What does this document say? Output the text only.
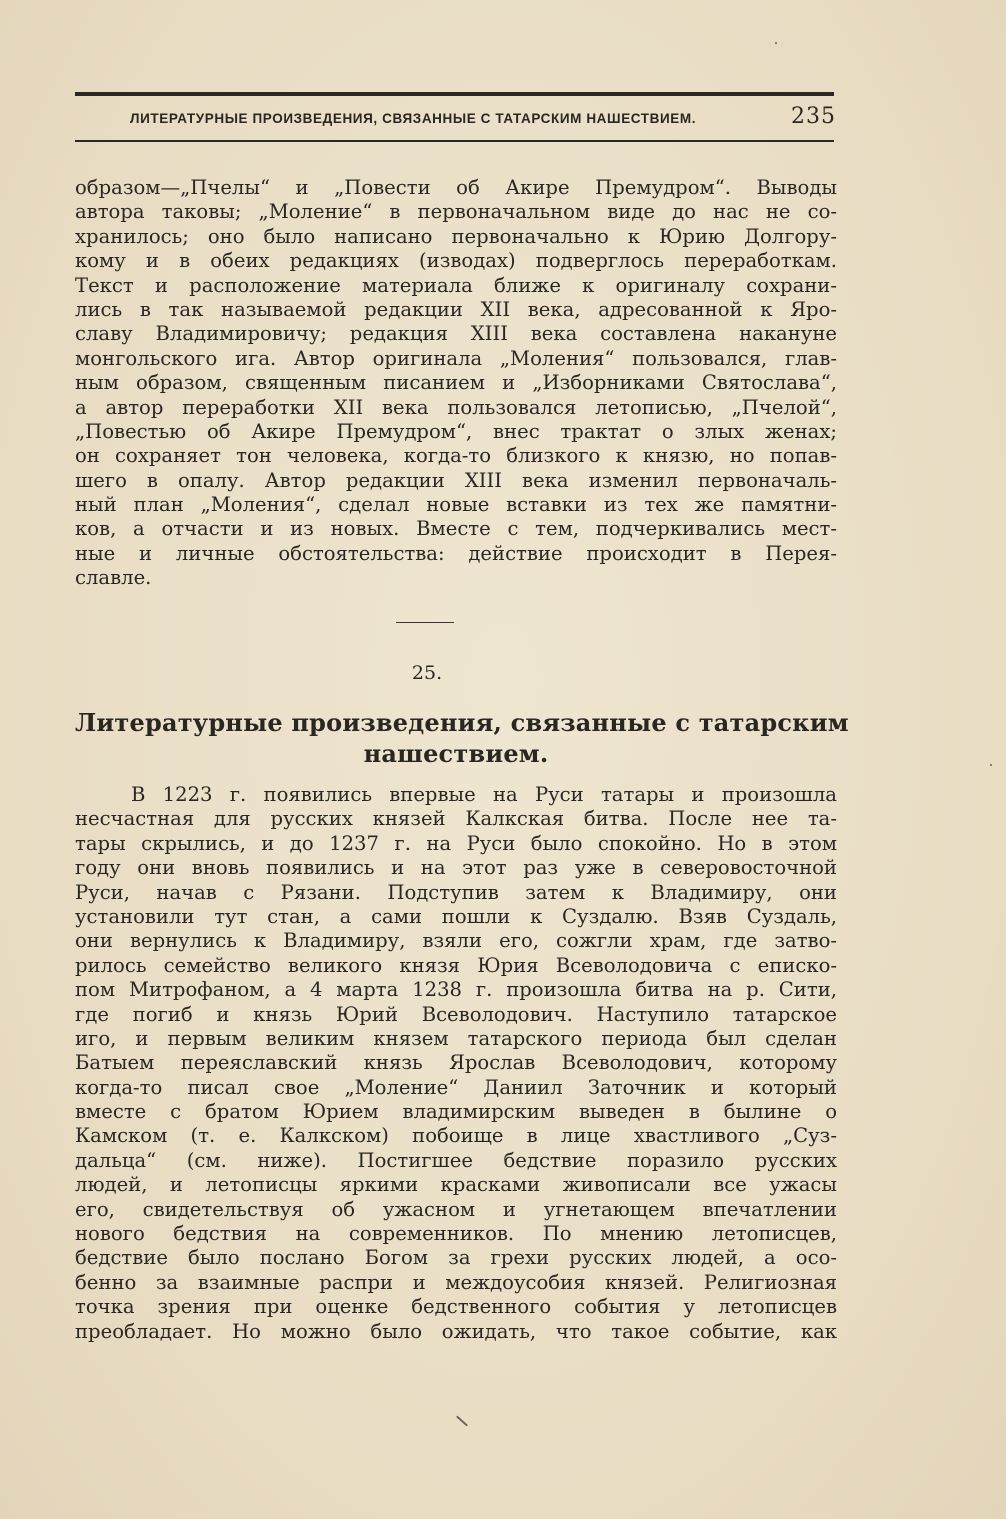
ЛИТЕРАТУРНЫЕ ПРОИЗВЕДЕНИЯ, СВЯЗАННЫЕ С ТАТАРСКИМ НАШЕСТВИЕМ.	235
образом—„Пчелы“ и „Повести об Акире Премудром“. Выводы
автора таковы; „Моление“ в первоначальном виде до нас не со-
хранилось; оно было написано первоначально к Юрию Долгору-
кому и в обеих редакциях (изводах) подверглось переработкам.
Текст и расположение материала ближе к оригиналу сохрани-
лись в так называемой редакции XII века, адресованной к Яро-
славу Владимировичу; редакция XIII века составлена накануне
монгольского ига. Автор оригинала „Моления“ пользовался, глав-
ным образом, священным писанием и „Изборниками Святослава“,
а автор переработки XII века пользовался летописью, „Пчелой“,
„Повестью об Акире Премудром“, внес трактат о злых женах;
он сохраняет тон человека, когда-то близкого к князю, но попав-
шего в опалу. Автор редакции XIII века изменил первоначаль-
ный план „Моления“, сделал новые вставки из тех же памятни-
ков, а отчасти и из новых. Вместе с тем, подчеркивались мест-
ные и личные обстоятельства: действие происходит в Перея-
славле.
25.
Литературные произведения, связанные с татарским
нашествием.
В 1223 г. появились впервые на Руси татары и произошла
несчастная для русских князей Калкская битва. После нее та-
тары скрылись, и до 1237 г. на Руси было спокойно. Но в этом
году они вновь появились и на этот раз уже в северовосточной
Руси, начав с Рязани. Подступив затем к Владимиру, они
установили тут стан, а сами пошли к Суздалю. Взяв Суздаль,
они вернулись к Владимиру, взяли его, сожгли храм, где затво-
рилось семейство великого князя Юрия Всеволодовича с еписко-
пом Митрофаном, а 4 марта 1238 г. произошла битва на р. Сити,
где погиб и князь Юрий Всеволодович. Наступило татарское
иго, и первым великим князем татарского периода был сделан
Батыем переяславский князь Ярослав Всеволодович, которому
когда-то писал свое „Моление“ Даниил Заточник и который
вместе с братом Юрием владимирским выведен в былине о
Камском (т. е. Калкском) побоище в лице хвастливого „Суз-
дальца“ (см. ниже). Постигшее бедствие поразило русских
людей, и летописцы яркими красками живописали все ужасы
его, свидетельствуя об ужасном и угнетающем впечатлении
нового бедствия на современников. По мнению летописцев,
бедствие было послано Богом за грехи русских людей, а осо-
бенно за взаимные распри и междоусобия князей. Религиозная
точка зрения при оценке бедственного события у летописцев
преобладает. Но можно было ожидать, что такое событие, как
